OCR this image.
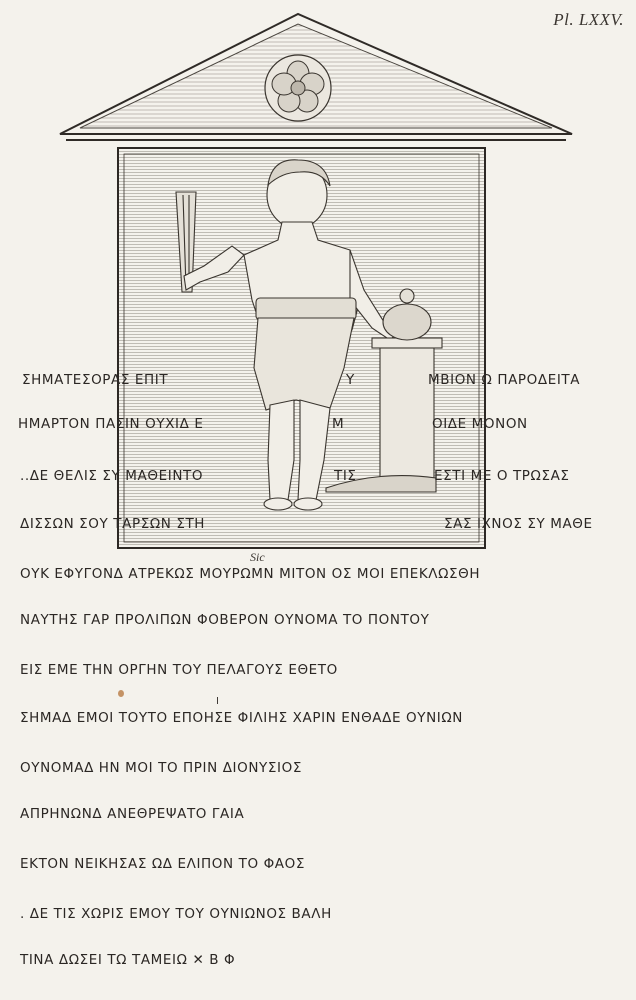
Pl. LXXV.

ΣΗΜΑΤΕΣΟΡΑΣ ΕΠΙΤ

	Υ

	ΜΒΙΟΝ Ω ΠΑΡΟΔΕΙΤΑ

ΗΜΑΡΤΟΝ ΠΑΣΙΝ ΟΥΧΙΔ Ε

	Μ

	ΟΙΔΕ ΜΟΝΟΝ

..ΔΕ ΘΕΛΙΣ ΣΥ ΜΑΘΕΙΝΤΟ

	ΤΙΣ

	ΕΣΤΙ ΜΕ Ο ΤΡΩΣΑΣ

ΔΙΣΣΩΝ ΣΟΥ ΤΑΡΣΩΝ ΣΤΗ

	ΣΑΣ ΙΧΝΟΣ ΣΥ ΜΑΘΕ

Sic
ΟΥΚ ΕΦΥΓΟΝΔ ΑΤΡΕΚΩΣ ΜΟΥΡΩΜΝ ΜΙΤΟΝ ΟΣ ΜΟΙ ΕΠΕΚΛΩΣΘΗ
ΝΑΥΤΗΣ ΓΑΡ ΠΡΟΛΙΠΩΝ ΦΟΒΕΡΟΝ ΟΥΝΟΜΑ ΤΟ ΠΟΝΤΟΥ
ΕΙΣ ΕΜΕ ΤΗΝ ΟΡΓΗΝ ΤΟΥ ΠΕΛΑΓΟΥΣ ΕΘΕΤΟ
I
ΣΗΜΑΔ ΕΜΟΙ ΤΟΥΤΟ ΕΠΟΗΣΕ ΦΙΛΙΗΣ ΧΑΡΙΝ ΕΝΘΑΔΕ ΟΥΝΙΩΝ
ΟΥΝΟΜΑΔ ΗΝ ΜΟΙ ΤΟ ΠΡΙΝ ΔΙΟΝΥΣΙΟΣ
ΑΠΡΗΝΩΝΔ ΑΝΕΘΡΕΨΑΤΟ ΓΑΙΑ
ΕΚΤΟΝ ΝΕΙΚΗΣΑΣ ΩΔ ΕΛΙΠΟΝ ΤΟ ΦΑΟΣ
. ΔΕ ΤΙΣ ΧΩΡΙΣ ΕΜΟΥ ΤΟΥ ΟΥΝΙΩΝΟΣ ΒΑΛΗ
ΤΙΝΑ ΔΩΣΕΙ ΤΩ ΤΑΜΕΙΩ ✕ Β Φ
